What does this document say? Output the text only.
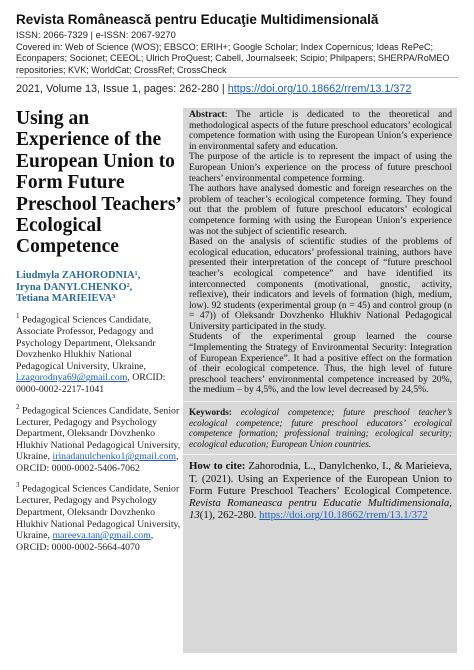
Revista Românească pentru Educaţie Multidimensională
ISSN: 2066-7329 | e-ISSN: 2067-9270
Covered in: Web of Science (WOS); EBSCO; ERIH+; Google Scholar; Index Copernicus; Ideas RePeC; Econpapers; Socionet; CEEOL; Ulrich ProQuest; Cabell, Journalseek; Scipio; Philpapers; SHERPA/RoMEO repositories; KVK; WorldCat; CrossRef; CrossCheck
2021, Volume 13, Issue 1, pages: 262-280 | https://doi.org/10.18662/rrem/13.1/372
Using an Experience of the European Union to Form Future Preschool Teachers’ Ecological Competence
Liudmyla ZAHORODNIA¹,
Iryna DANYLCHENKO²,
Tetiana MARIEIEVA³
$^1$ Pedagogical Sciences Candidate, Associate Professor, Pedagogy and Psychology Department, Oleksandr Dovzhenko Hlukhiv National Pedagogical University, Ukraine, l.zagorodnya69@gmail.com, ORCID: 0000-0002-2217-1041
$^2$ Pedagogical Sciences Candidate, Senior Lecturer, Pedagogy and Psychology Department, Oleksandr Dovzhenko Hlukhiv National Pedagogical University, Ukraine, irinadanulchenko1@gmail.com, ORCID: 0000-0002-5406-7062
$^3$ Pedagogical Sciences Candidate, Senior Lecturer, Pedagogy and Psychology Department, Oleksandr Dovzhenko Hlukhiv National Pedagogical University, Ukraine, mareeva.tan@gmail.com, ORCID: 0000-0002-5664-4070

Abstract: The article is dedicated to the theoretical and methodological aspects of the future preschool educators’ ecological competence formation with using the European Union’s experience in environmental safety and education.

The purpose of the article is to represent the impact of using the European Union’s experience on the process of future preschool teachers’ environmental competence forming.

The authors have analysed domestic and foreign researches on the problem of teacher’s ecological competence forming. They found out that the problem of future preschool educators’ ecological competence forming with using the European Union’s experience was not the subject of scientific research.

Based on the analysis of scientific studies of the problems of ecological education, educators’ professional training, authors have presented their interpretation of the concept of “future preschool teacher’s ecological competence” and have identified its interconnected components (motivational, gnostic, activity, reflexive), their indicators and levels of formation (high, medium, low). 92 students (experimental group (n = 45) and control group (n = 47)) of Oleksandr Dovzhenko Hlukhiv National Pedagogical University participated in the study.

Students of the experimental group learned the course “Implementing the Strategy of Environmental Security: Integration of European Experience”. It had a positive effect on the formation of their ecological competence. Thus, the high level of future preschool teachers’ environmental competence increased by 20%, the medium – by 4,5%, and the low level decreased by 24,5%.

Keywords: ecological competence; future preschool teacher’s ecological competence; future preschool educators’ ecological competence formation; professional training; ecological security; ecological education; European Union countries.
How to cite: Zahorodnia, L., Danylchenko, I., & Marieieva, T. (2021). Using an Experience of the European Union to Form Future Preschool Teachers’ Ecological Competence. Revista Romaneasca pentru Educatie Multidimensionala, 13(1), 262-280. https://doi.org/10.18662/rrem/13.1/372
